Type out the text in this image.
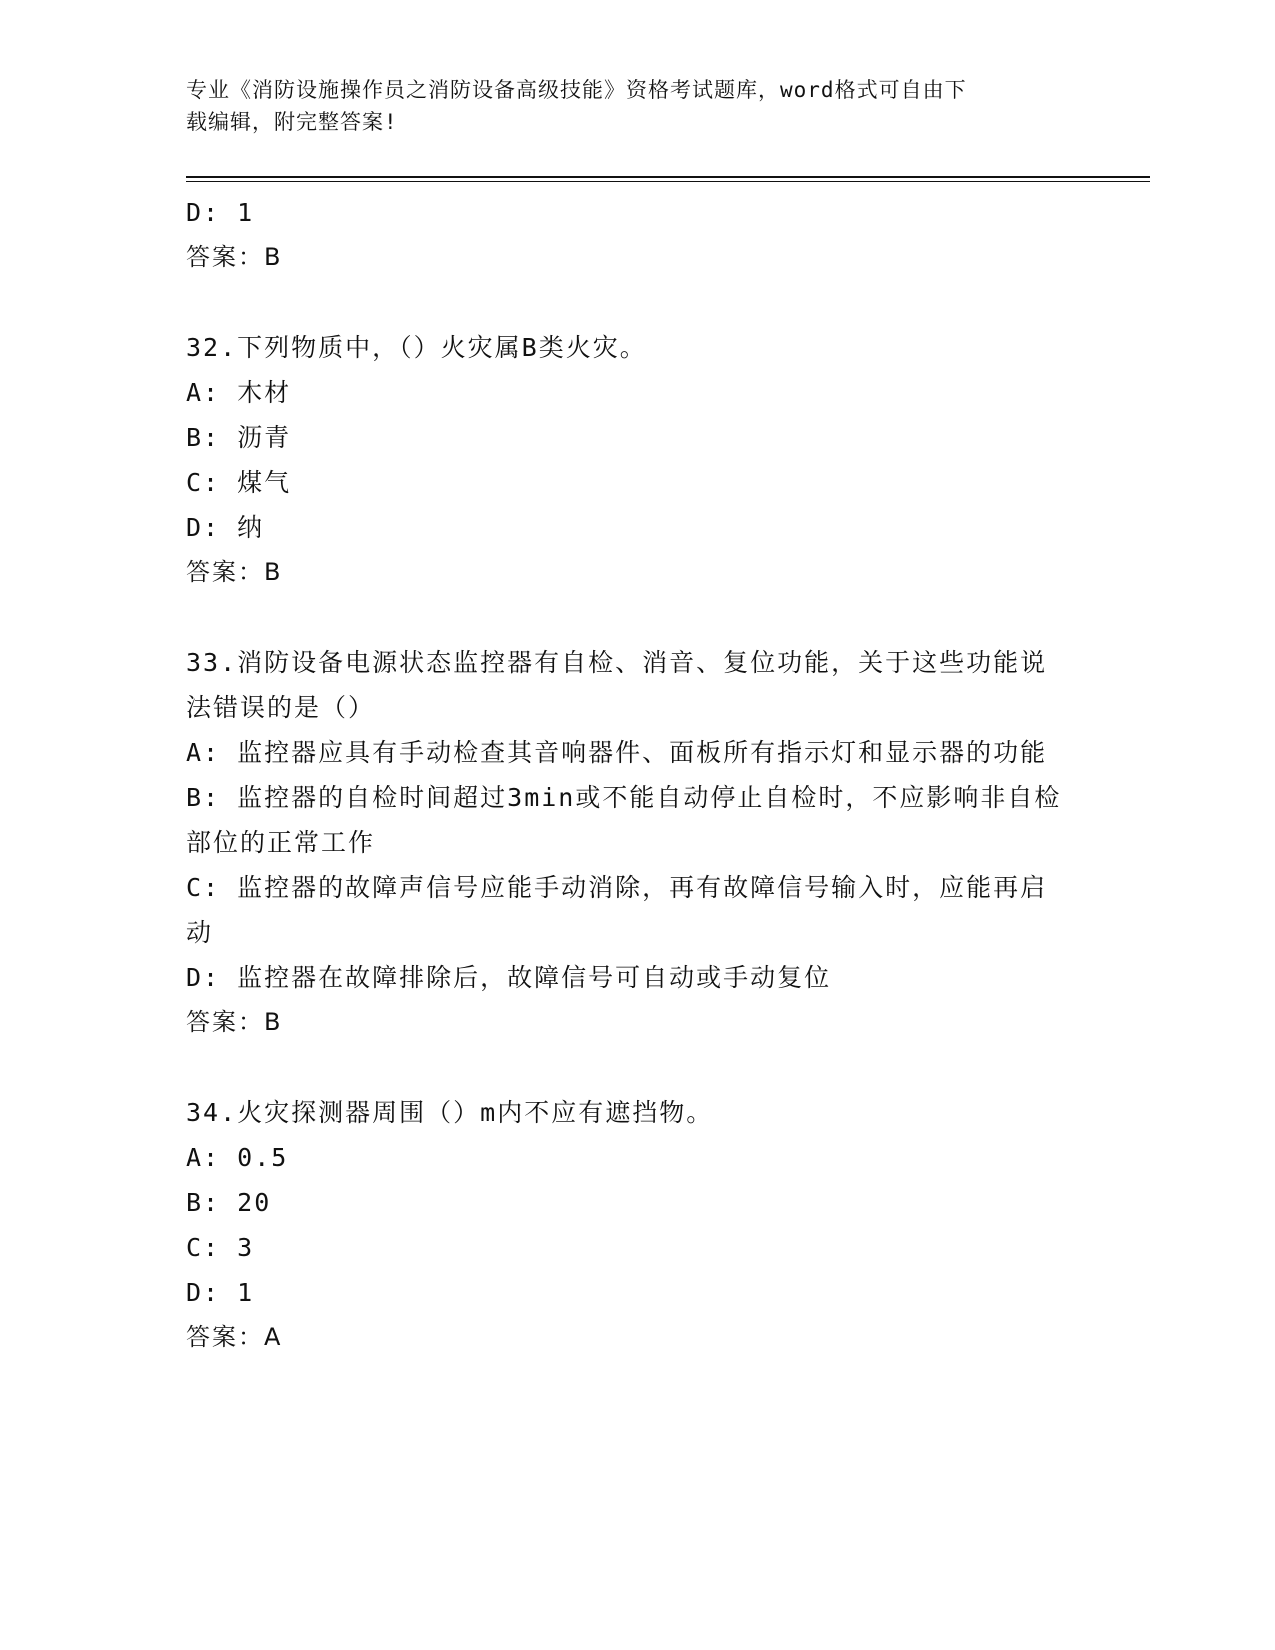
专业《消防设施操作员之消防设备高级技能》资格考试题库，word格式可自由下
载编辑，附完整答案!

D: 1

答案：B

32.下列物质中，（）火灾属B类火灾。

A: 木材

B: 沥青

C: 煤气

D: 纳

答案：B

33.消防设备电源状态监控器有自检、消音、复位功能，关于这些功能说法错误的是（）

A: 监控器应具有手动检查其音响器件、面板所有指示灯和显示器的功能

B: 监控器的自检时间超过3min或不能自动停止自检时，不应影响非自检部位的正常工作

C: 监控器的故障声信号应能手动消除，再有故障信号输入时，应能再启动

D: 监控器在故障排除后，故障信号可自动或手动复位

答案：B

34.火灾探测器周围（）m内不应有遮挡物。

A: 0.5

B: 20

C: 3

D: 1

答案：A
